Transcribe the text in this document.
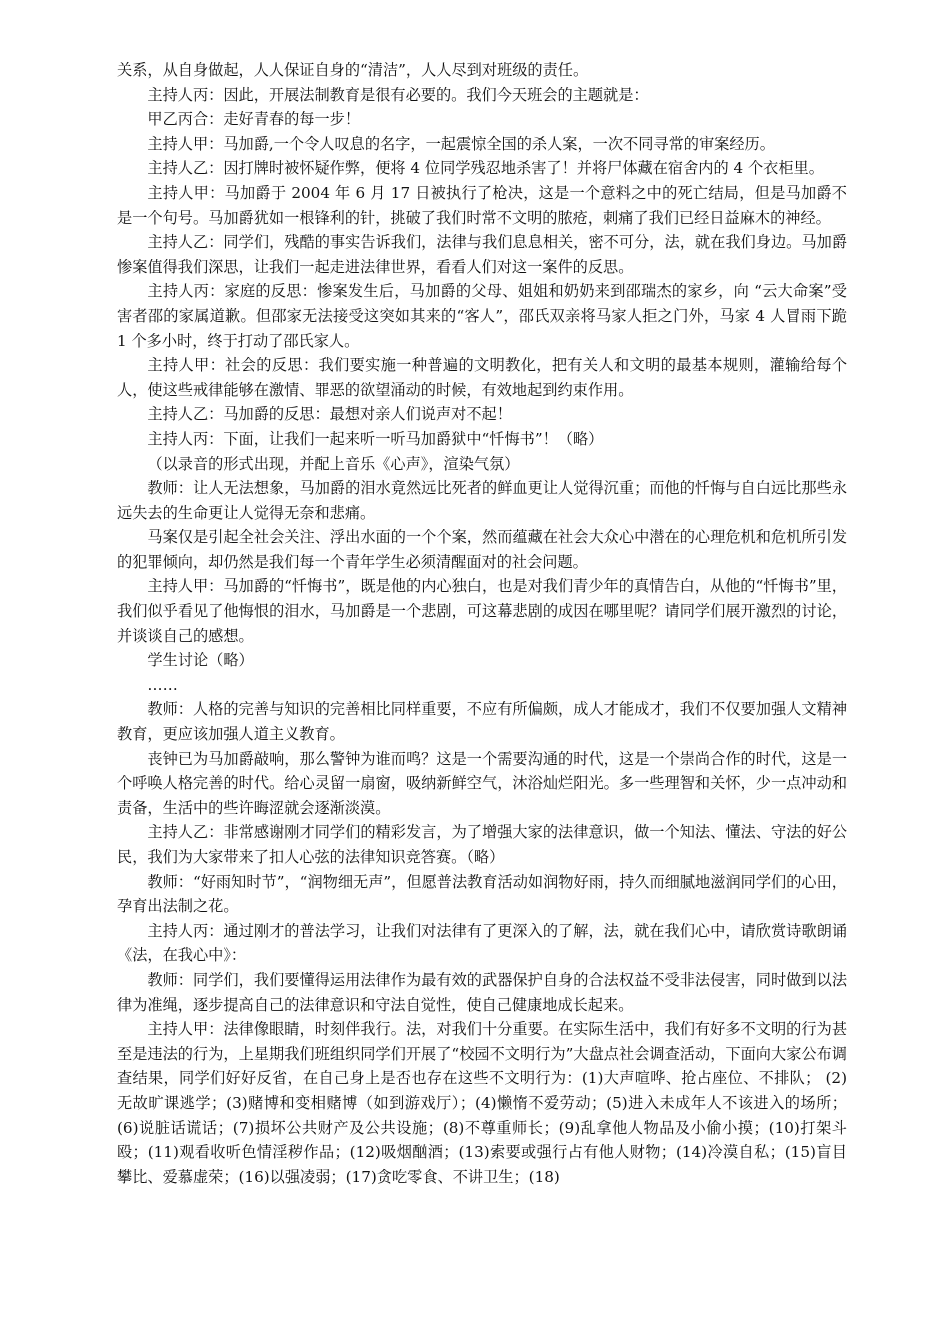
关系，从自身做起，人人保证自身的“清洁”，人人尽到对班级的责任。

主持人丙：因此，开展法制教育是很有必要的。我们今天班会的主题就是：

甲乙丙合：走好青春的每一步！

主持人甲：马加爵,一个令人叹息的名字，一起震惊全国的杀人案，一次不同寻常的审案经历。

主持人乙：因打牌时被怀疑作弊，便将 4 位同学残忍地杀害了！并将尸体藏在宿舍内的 4 个衣柜里。

主持人甲：马加爵于 2004 年 6 月 17 日被执行了枪决，这是一个意料之中的死亡结局，但是马加爵不是一个句号。马加爵犹如一根锋利的针，挑破了我们时常不文明的脓疮，刺痛了我们已经日益麻木的神经。

主持人乙：同学们，残酷的事实告诉我们，法律与我们息息相关，密不可分，法，就在我们身边。马加爵惨案值得我们深思，让我们一起走进法律世界，看看人们对这一案件的反思。

主持人丙：家庭的反思：惨案发生后，马加爵的父母、姐姐和奶奶来到邵瑞杰的家乡，向 “云大命案”受害者邵的家属道歉。但邵家无法接受这突如其来的“客人”，邵氏双亲将马家人拒之门外，马家 4 人冒雨下跪 1 个多小时，终于打动了邵氏家人。

主持人甲：社会的反思：我们要实施一种普遍的文明教化，把有关人和文明的最基本规则，灌输给每个人，使这些戒律能够在激情、罪恶的欲望涌动的时候，有效地起到约束作用。

主持人乙：马加爵的反思：最想对亲人们说声对不起！

主持人丙：下面，让我们一起来听一听马加爵狱中“忏悔书”！（略）

（以录音的形式出现，并配上音乐《心声》，渲染气氛）

教师：让人无法想象，马加爵的泪水竟然远比死者的鲜血更让人觉得沉重；而他的忏悔与自白远比那些永远失去的生命更让人觉得无奈和悲痛。

马案仅是引起全社会关注、浮出水面的一个个案，然而蕴藏在社会大众心中潜在的心理危机和危机所引发的犯罪倾向，却仍然是我们每一个青年学生必须清醒面对的社会问题。

主持人甲：马加爵的“忏悔书”，既是他的内心独白，也是对我们青少年的真情告白，从他的“忏悔书”里，我们似乎看见了他悔恨的泪水，马加爵是一个悲剧，可这幕悲剧的成因在哪里呢？请同学们展开激烈的讨论，并谈谈自己的感想。

学生讨论（略）

……

教师：人格的完善与知识的完善相比同样重要，不应有所偏颇，成人才能成才，我们不仅要加强人文精神教育，更应该加强人道主义教育。

丧钟已为马加爵敲响，那么警钟为谁而鸣？这是一个需要沟通的时代，这是一个崇尚合作的时代，这是一个呼唤人格完善的时代。给心灵留一扇窗，吸纳新鲜空气，沐浴灿烂阳光。多一些理智和关怀，少一点冲动和责备，生活中的些许晦涩就会逐渐淡漠。

主持人乙：非常感谢刚才同学们的精彩发言，为了增强大家的法律意识，做一个知法、懂法、守法的好公民，我们为大家带来了扣人心弦的法律知识竞答赛。（略）

教师：“好雨知时节”，“润物细无声”，但愿普法教育活动如润物好雨，持久而细腻地滋润同学们的心田，孕育出法制之花。

主持人丙：通过刚才的普法学习，让我们对法律有了更深入的了解，法，就在我们心中，请欣赏诗歌朗诵《法，在我心中》：

教师：同学们，我们要懂得运用法律作为最有效的武器保护自身的合法权益不受非法侵害，同时做到以法律为准绳，逐步提高自己的法律意识和守法自觉性，使自己健康地成长起来。

主持人甲：法律像眼睛，时刻伴我行。法，对我们十分重要。在实际生活中，我们有好多不文明的行为甚至是违法的行为，上星期我们班组织同学们开展了“校园不文明行为”大盘点社会调查活动，下面向大家公布调查结果，同学们好好反省，在自己身上是否也存在这些不文明行为：(1)大声喧哗、抢占座位、不排队； (2)无故旷课逃学；(3)赌博和变相赌博（如到游戏厅）；(4)懒惰不爱劳动；(5)进入未成年人不该进入的场所；(6)说脏话谎话；(7)损坏公共财产及公共设施；(8)不尊重师长；(9)乱拿他人物品及小偷小摸；(10)打架斗殴；(11)观看收听色情淫秽作品；(12)吸烟酗酒；(13)索要或强行占有他人财物；(14)冷漠自私；(15)盲目攀比、爱慕虚荣；(16)以强凌弱；(17)贪吃零食、不讲卫生；(18)
